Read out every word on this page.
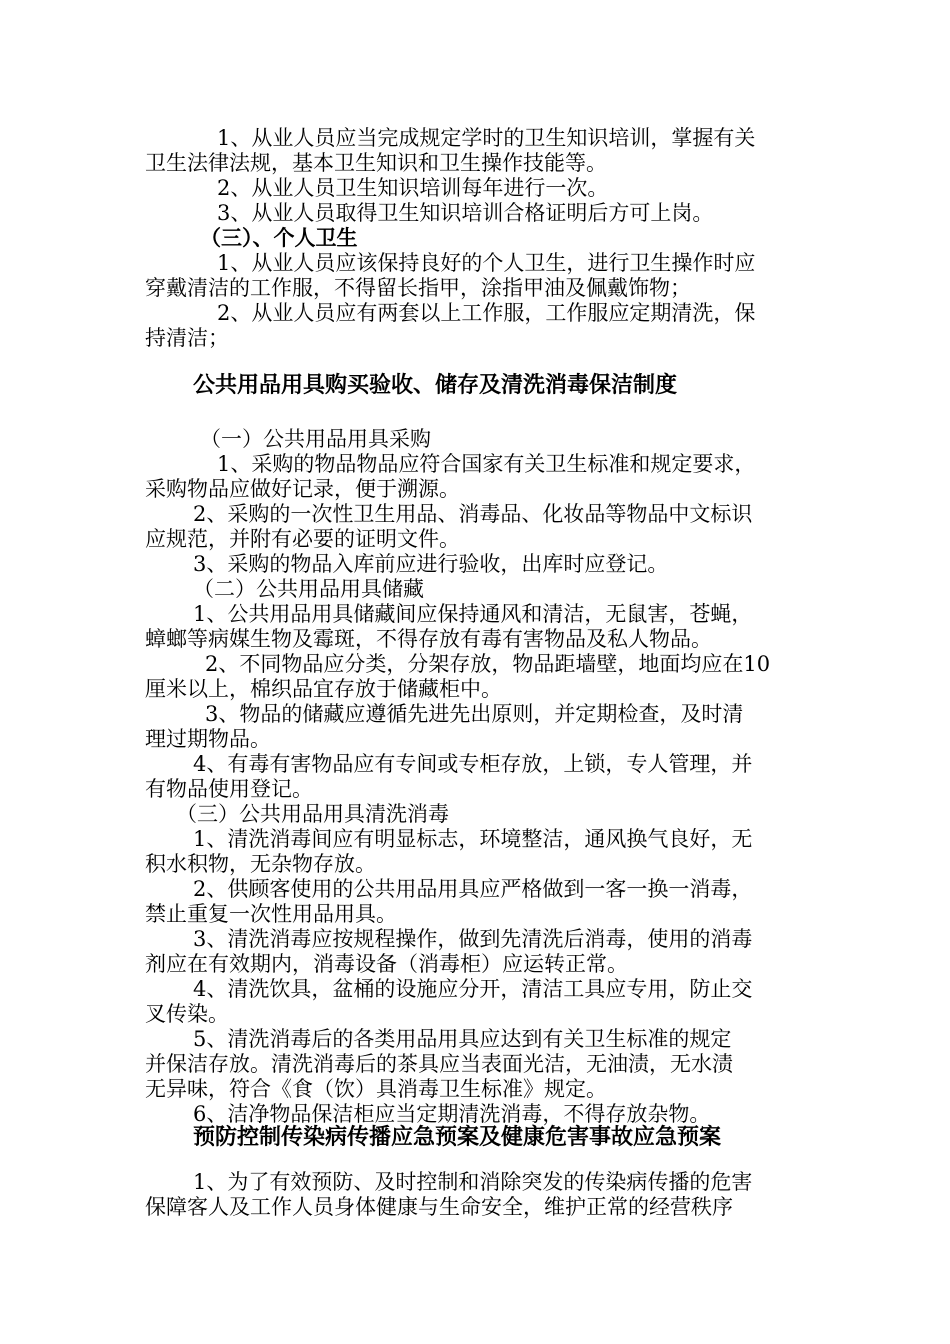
1、从业人员应当完成规定学时的卫生知识培训，掌握有关
卫生法律法规，基本卫生知识和卫生操作技能等。
2、从业人员卫生知识培训每年进行一次。
3、从业人员取得卫生知识培训合格证明后方可上岗。
（三）、个人卫生
1、从业人员应该保持良好的个人卫生，进行卫生操作时应
穿戴清洁的工作服，不得留长指甲，涂指甲油及佩戴饰物；
2、从业人员应有两套以上工作服，工作服应定期清洗，保
持清洁；
公共用品用具购买验收、储存及清洗消毒保洁制度
（一）公共用品用具采购
1、采购的物品物品应符合国家有关卫生标准和规定要求，
采购物品应做好记录，便于溯源。
2、采购的一次性卫生用品、消毒品、化妆品等物品中文标识
应规范，并附有必要的证明文件。
3、采购的物品入库前应进行验收，出库时应登记。
（二）公共用品用具储藏
1、公共用品用具储藏间应保持通风和清洁，无鼠害，苍蝇，
蟑螂等病媒生物及霉斑，不得存放有毒有害物品及私人物品。
2、不同物品应分类，分架存放，物品距墙壁，地面均应在10
厘米以上，棉织品宜存放于储藏柜中。
3、物品的储藏应遵循先进先出原则，并定期检查，及时清
理过期物品。
4、有毒有害物品应有专间或专柜存放，上锁，专人管理，并
有物品使用登记。
（三）公共用品用具清洗消毒
1、清洗消毒间应有明显标志，环境整洁，通风换气良好，无
积水积物，无杂物存放。
2、供顾客使用的公共用品用具应严格做到一客一换一消毒，
禁止重复一次性用品用具。
3、清洗消毒应按规程操作，做到先清洗后消毒，使用的消毒
剂应在有效期内，消毒设备（消毒柜）应运转正常。
4、清洗饮具，盆桶的设施应分开，清洁工具应专用，防止交
叉传染。
5、清洗消毒后的各类用品用具应达到有关卫生标准的规定
并保洁存放。清洗消毒后的茶具应当表面光洁，无油渍，无水渍
无异味，符合《食（饮）具消毒卫生标准》规定。
6、洁净物品保洁柜应当定期清洗消毒，不得存放杂物。
预防控制传染病传播应急预案及健康危害事故应急预案
1、为了有效预防、及时控制和消除突发的传染病传播的危害
保障客人及工作人员身体健康与生命安全，维护正常的经营秩序
